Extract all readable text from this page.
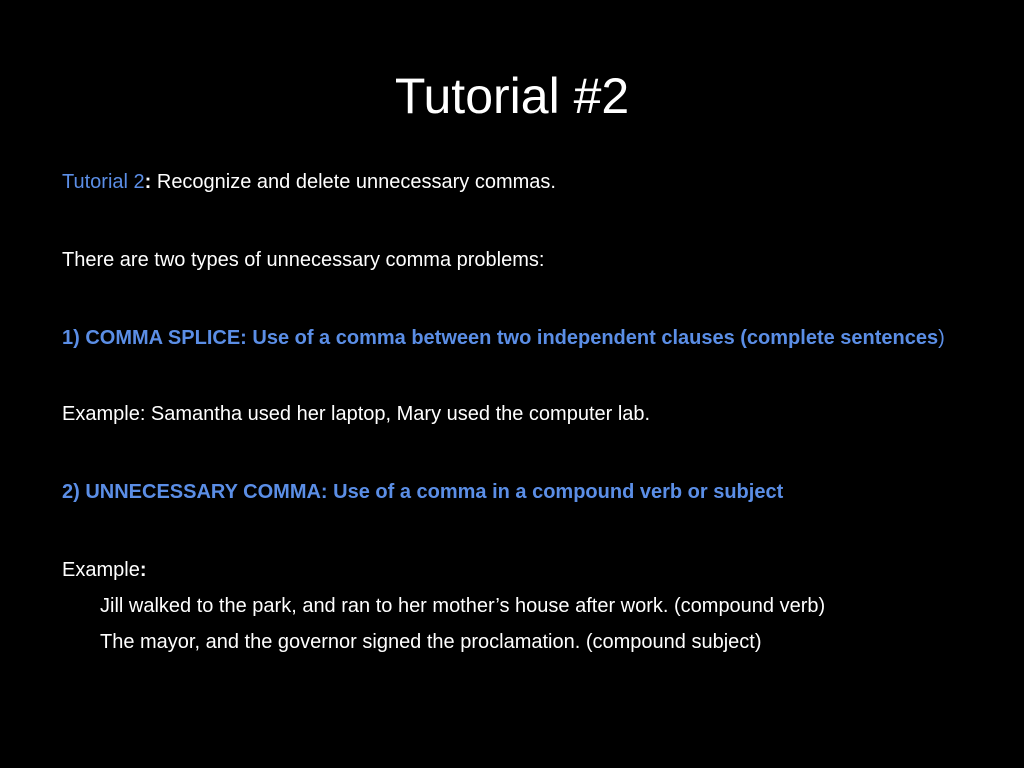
Tutorial #2

Tutorial 2: Recognize and delete unnecessary commas.

There are two types of unnecessary comma problems:

1) COMMA SPLICE: Use of a comma between two independent clauses (complete sentences)

Example: Samantha used her laptop, Mary used the computer lab.

2) UNNECESSARY COMMA: Use of a comma in a compound verb or subject

Example:

Jill walked to the park, and ran to her mother’s house after work. (compound verb)

The mayor, and the governor signed the proclamation. (compound subject)
